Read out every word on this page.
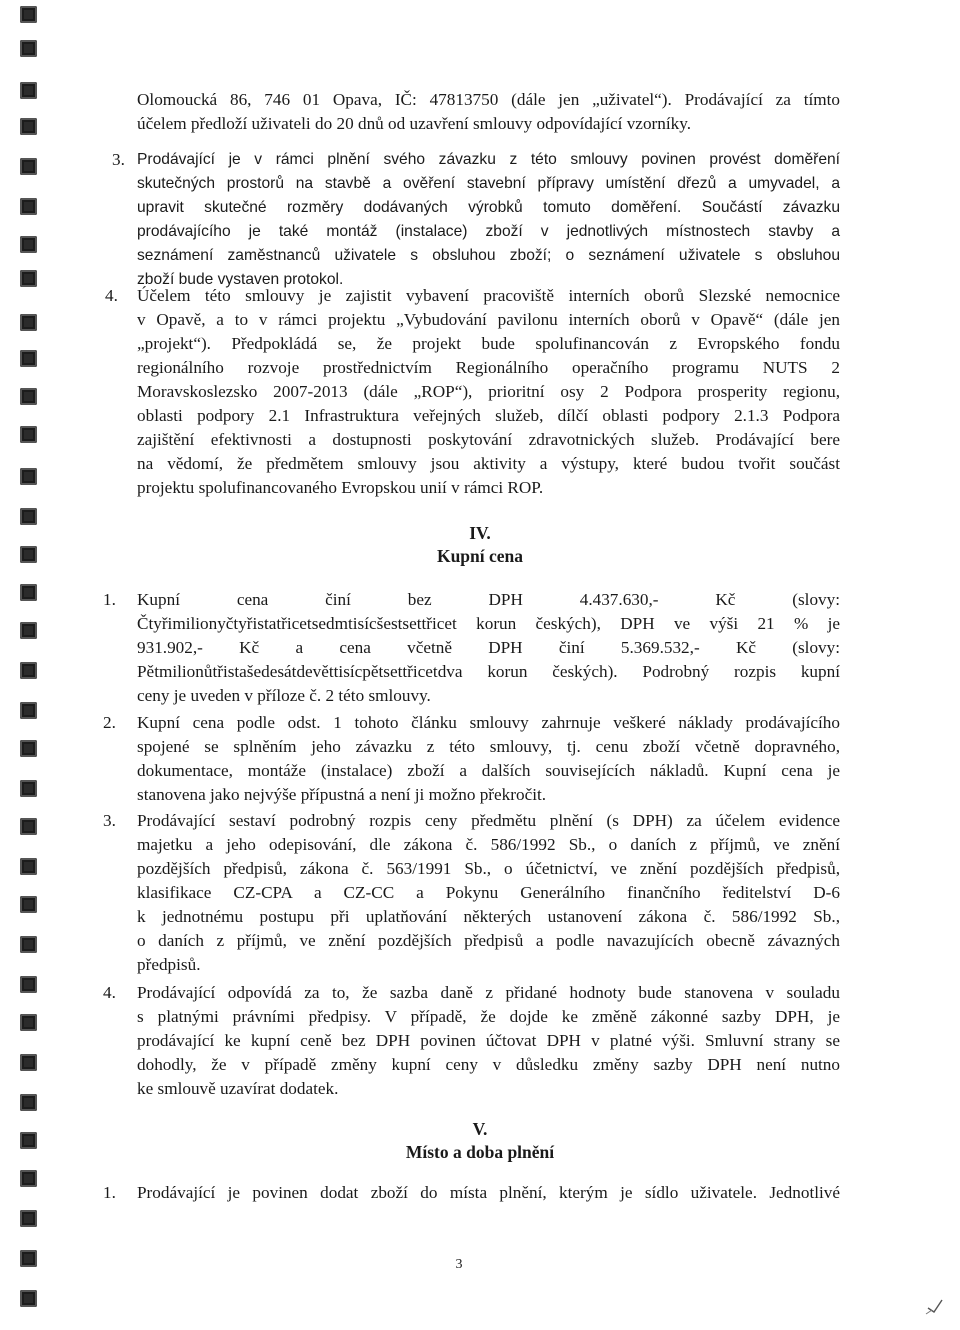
Olomoucká 86, 746 01 Opava, IČ: 47813750 (dále jen „uživatel“). Prodávající za tímto
účelem předloží uživateli do 20 dnů od uzavření smlouvy odpovídající vzorníky.
3. Prodávající je v rámci plnění svého závazku z této smlouvy povinen provést doměření
skutečných prostorů na stavbě a ověření stavební přípravy umístění dřezů a umyvadel, a
upravit skutečné rozměry dodávaných výrobků tomuto doměření. Součástí závazku
prodávajícího je také montáž (instalace) zboží v jednotlivých místnostech stavby a
seznámení zaměstnanců uživatele s obsluhou zboží; o seznámení uživatele s obsluhou
zboží bude vystaven protokol.
4. Účelem této smlouvy je zajistit vybavení pracoviště interních oborů Slezské nemocnice
v Opavě, a to v rámci projektu „Vybudování pavilonu interních oborů v Opavě“ (dále jen
„projekt“). Předpokládá se, že projekt bude spolufinancován z Evropského fondu
regionálního rozvoje prostřednictvím Regionálního operačního programu NUTS 2
Moravskoslezsko 2007-2013 (dále „ROP“), prioritní osy 2 Podpora prosperity regionu,
oblasti podpory 2.1 Infrastruktura veřejných služeb, dílčí oblasti podpory 2.1.3 Podpora
zajištění efektivnosti a dostupnosti poskytování zdravotnických služeb. Prodávající bere
na vědomí, že předmětem smlouvy jsou aktivity a výstupy, které budou tvořit součást
projektu spolufinancovaného Evropskou unií v rámci ROP.
IV.
Kupní cena
1. Kupní cena činí bez DPH 4.437.630,- Kč (slovy:
Čtyřimilionyčtyřistatřicetsedmtisícšestsettřicet korun českých), DPH ve výši 21 % je
931.902,- Kč a cena včetně DPH činí 5.369.532,- Kč (slovy:
Pětmilionůtřistašedesátdevěttisícpětsettřicetdva korun českých). Podrobný rozpis kupní
ceny je uveden v příloze č. 2 této smlouvy.
2. Kupní cena podle odst. 1 tohoto článku smlouvy zahrnuje veškeré náklady prodávajícího
spojené se splněním jeho závazku z této smlouvy, tj. cenu zboží včetně dopravného,
dokumentace, montáže (instalace) zboží a dalších souvisejících nákladů. Kupní cena je
stanovena jako nejvýše přípustná a není ji možno překročit.
3. Prodávající sestaví podrobný rozpis ceny předmětu plnění (s DPH) za účelem evidence
majetku a jeho odepisování, dle zákona č. 586/1992 Sb., o daních z příjmů, ve znění
pozdějších předpisů, zákona č. 563/1991 Sb., o účetnictví, ve znění pozdějších předpisů,
klasifikace CZ-CPA a CZ-CC a Pokynu Generálního finančního ředitelství D-6
k jednotnému postupu při uplatňování některých ustanovení zákona č. 586/1992 Sb.,
o daních z příjmů, ve znění pozdějších předpisů a podle navazujících obecně závazných
předpisů.
4. Prodávající odpovídá za to, že sazba daně z přidané hodnoty bude stanovena v souladu
s platnými právními předpisy. V případě, že dojde ke změně zákonné sazby DPH, je
prodávající ke kupní ceně bez DPH povinen účtovat DPH v platné výši. Smluvní strany se
dohodly, že v případě změny kupní ceny v důsledku změny sazby DPH není nutno
ke smlouvě uzavírat dodatek.
V.
Místo a doba plnění
1. Prodávající je povinen dodat zboží do místa plnění, kterým je sídlo uživatele. Jednotlivé
3
